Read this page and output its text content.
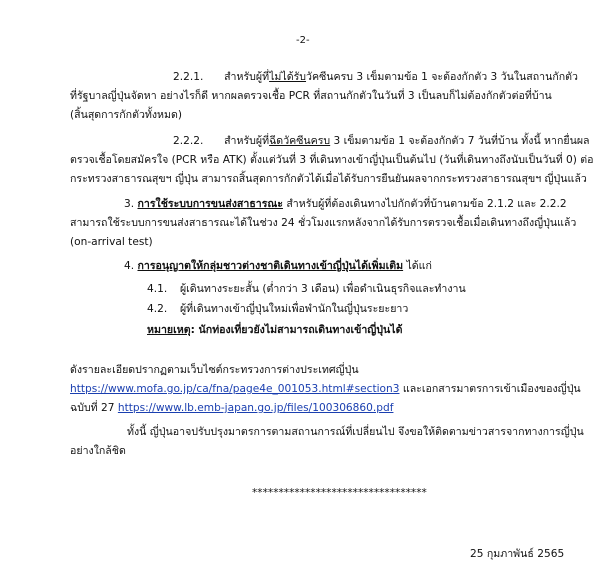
-2-
2.2.1. สำหรับผู้ที่ไม่ได้รับวัคซีนครบ 3 เข็มตามข้อ 1 จะต้องกักตัว 3 วันในสถานกักตัว
ที่รัฐบาลญี่ปุ่นจัดหา อย่างไรก็ดี หากผลตรวจเชื้อ PCR ที่สถานกักตัวในวันที่ 3 เป็นลบก็ไม่ต้องกักตัวต่อที่บ้าน
(สิ้นสุดการกักตัวทั้งหมด)
2.2.2. สำหรับผู้ที่ฉีดวัคซีนครบ 3 เข็มตามข้อ 1 จะต้องกักตัว 7 วันที่บ้าน ทั้งนี้ หากยื่นผล
ตรวจเชื้อโดยสมัครใจ (PCR หรือ ATK) ตั้งแต่วันที่ 3 ที่เดินทางเข้าญี่ปุ่นเป็นต้นไป (วันที่เดินทางถึงนับเป็นวันที่ 0) ต่อ
กระทรวงสาธารณสุขฯ ญี่ปุ่น สามารถสิ้นสุดการกักตัวได้เมื่อได้รับการยืนยันผลจากกระทรวงสาธารณสุขฯ ญี่ปุ่นแล้ว
3. การใช้ระบบการขนส่งสาธารณะ สำหรับผู้ที่ต้องเดินทางไปกักตัวที่บ้านตามข้อ 2.1.2 และ 2.2.2
สามารถใช้ระบบการขนส่งสาธารณะได้ในช่วง 24 ชั่วโมงแรกหลังจากได้รับการตรวจเชื้อเมื่อเดินทางถึงญี่ปุ่นแล้ว
(on-arrival test)
4. การอนุญาตให้กลุ่มชาวต่างชาติเดินทางเข้าญี่ปุ่นได้เพิ่มเติม ได้แก่
4.1. ผู้เดินทางระยะสั้น (ต่ำกว่า 3 เดือน) เพื่อดำเนินธุรกิจและทำงาน
4.2. ผู้ที่เดินทางเข้าญี่ปุ่นใหม่เพื่อพำนักในญี่ปุ่นระยะยาว
หมายเหตุ: นักท่องเที่ยวยังไม่สามารถเดินทางเข้าญี่ปุ่นได้
ดังรายละเอียดปรากฏตามเว็บไซต์กระทรวงการต่างประเทศญี่ปุ่น
https://www.mofa.go.jp/ca/fna/page4e_001053.html#section3 และเอกสารมาตรการเข้าเมืองของญี่ปุ่น
ฉบับที่ 27 https://www.lb.emb-japan.go.jp/files/100306860.pdf
ทั้งนี้ ญี่ปุ่นอาจปรับปรุงมาตรการตามสถานการณ์ที่เปลี่ยนไป จึงขอให้ติดตามข่าวสารจากทางการญี่ปุ่น
อย่างใกล้ชิด
*********************************
25 กุมภาพันธ์ 2565
